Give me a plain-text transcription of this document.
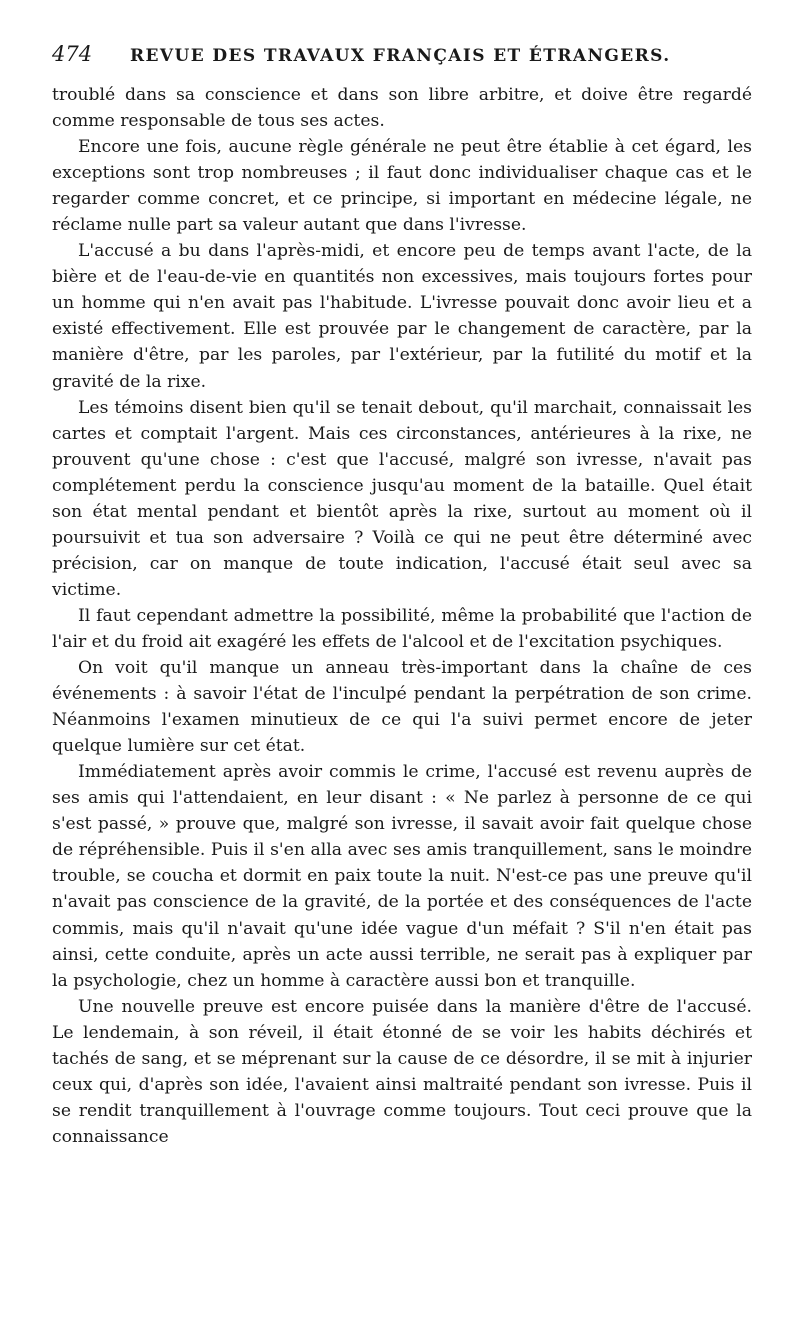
474	REVUE DES TRAVAUX FRANÇAIS ET ÉTRANGERS.

troublé dans sa conscience et dans son libre arbitre, et doive être regardé comme responsable de tous ses actes.

Encore une fois, aucune règle générale ne peut être établie à cet égard, les exceptions sont trop nombreuses ; il faut donc individualiser chaque cas et le regarder comme concret, et ce principe, si important en médecine légale, ne réclame nulle part sa valeur autant que dans l'ivresse.

L'accusé a bu dans l'après-midi, et encore peu de temps avant l'acte, de la bière et de l'eau-de-vie en quantités non excessives, mais toujours fortes pour un homme qui n'en avait pas l'habitude. L'ivresse pouvait donc avoir lieu et a existé effectivement. Elle est prouvée par le changement de caractère, par la manière d'être, par les paroles, par l'extérieur, par la futilité du motif et la gravité de la rixe.

Les témoins disent bien qu'il se tenait debout, qu'il marchait, connaissait les cartes et comptait l'argent. Mais ces circonstances, antérieures à la rixe, ne prouvent qu'une chose : c'est que l'accusé, malgré son ivresse, n'avait pas complétement perdu la conscience jusqu'au moment de la bataille. Quel était son état mental pendant et bientôt après la rixe, surtout au moment où il poursuivit et tua son adversaire ? Voilà ce qui ne peut être déterminé avec précision, car on manque de toute indication, l'accusé était seul avec sa victime.

Il faut cependant admettre la possibilité, même la probabilité que l'action de l'air et du froid ait exagéré les effets de l'alcool et de l'excitation psychiques.

On voit qu'il manque un anneau très-important dans la chaîne de ces événements : à savoir l'état de l'inculpé pendant la perpétration de son crime. Néanmoins l'examen minutieux de ce qui l'a suivi permet encore de jeter quelque lumière sur cet état.

Immédiatement après avoir commis le crime, l'accusé est revenu auprès de ses amis qui l'attendaient, en leur disant : « Ne parlez à personne de ce qui s'est passé, » prouve que, malgré son ivresse, il savait avoir fait quelque chose de répréhensible. Puis il s'en alla avec ses amis tranquillement, sans le moindre trouble, se coucha et dormit en paix toute la nuit. N'est-ce pas une preuve qu'il n'avait pas conscience de la gravité, de la portée et des conséquences de l'acte commis, mais qu'il n'avait qu'une idée vague d'un méfait ? S'il n'en était pas ainsi, cette conduite, après un acte aussi terrible, ne serait pas à expliquer par la psychologie, chez un homme à caractère aussi bon et tranquille.

Une nouvelle preuve est encore puisée dans la manière d'être de l'accusé. Le lendemain, à son réveil, il était étonné de se voir les habits déchirés et tachés de sang, et se méprenant sur la cause de ce désordre, il se mit à injurier ceux qui, d'après son idée, l'avaient ainsi maltraité pendant son ivresse. Puis il se rendit tranquillement à l'ouvrage comme toujours. Tout ceci prouve que la connaissance
